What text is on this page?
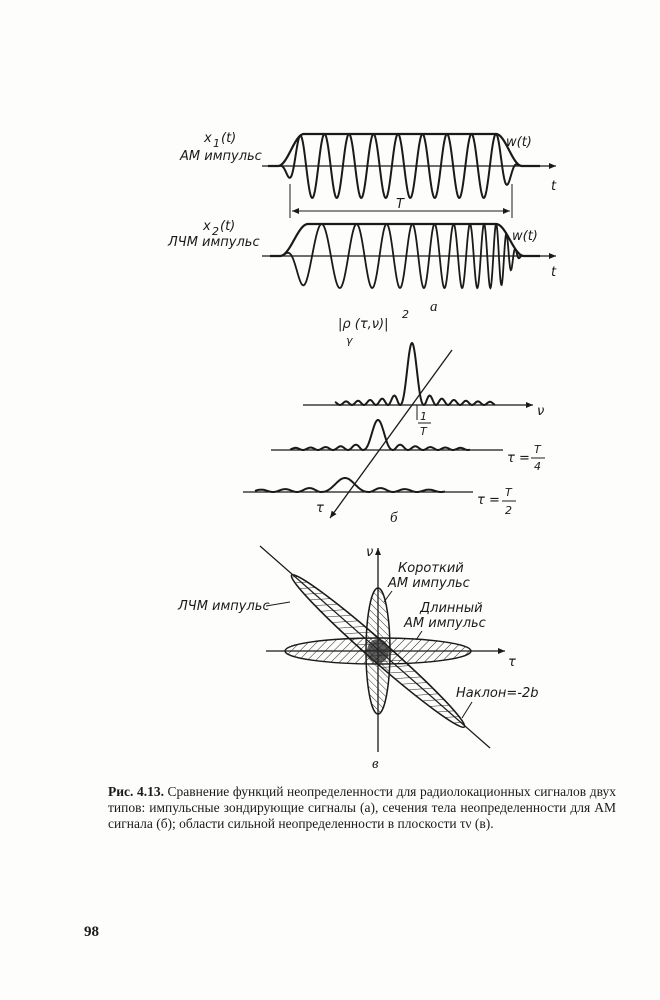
x 1 (t)
АМ импульс
w(t)
t
T
x 2 (t)
ЛЧМ импульс	w(t)
t
а
|ρ (τ,ν)|
2
γ
τ
ν
1
T
τ =
T
4
τ =
T
2
б
ν
τ
Короткий
АМ импульс
Длинный
АМ импульс
ЛЧМ импульс
Наклон=-2b
в
Рис. 4.13. Сравнение функций неопределенности для радиолокационных сигналов двух типов: импульсные зондирующие сигналы (а), сечения тела неопределенности для АМ сигнала (б); области сильной неопределенности в плоскости τν (в).
98
